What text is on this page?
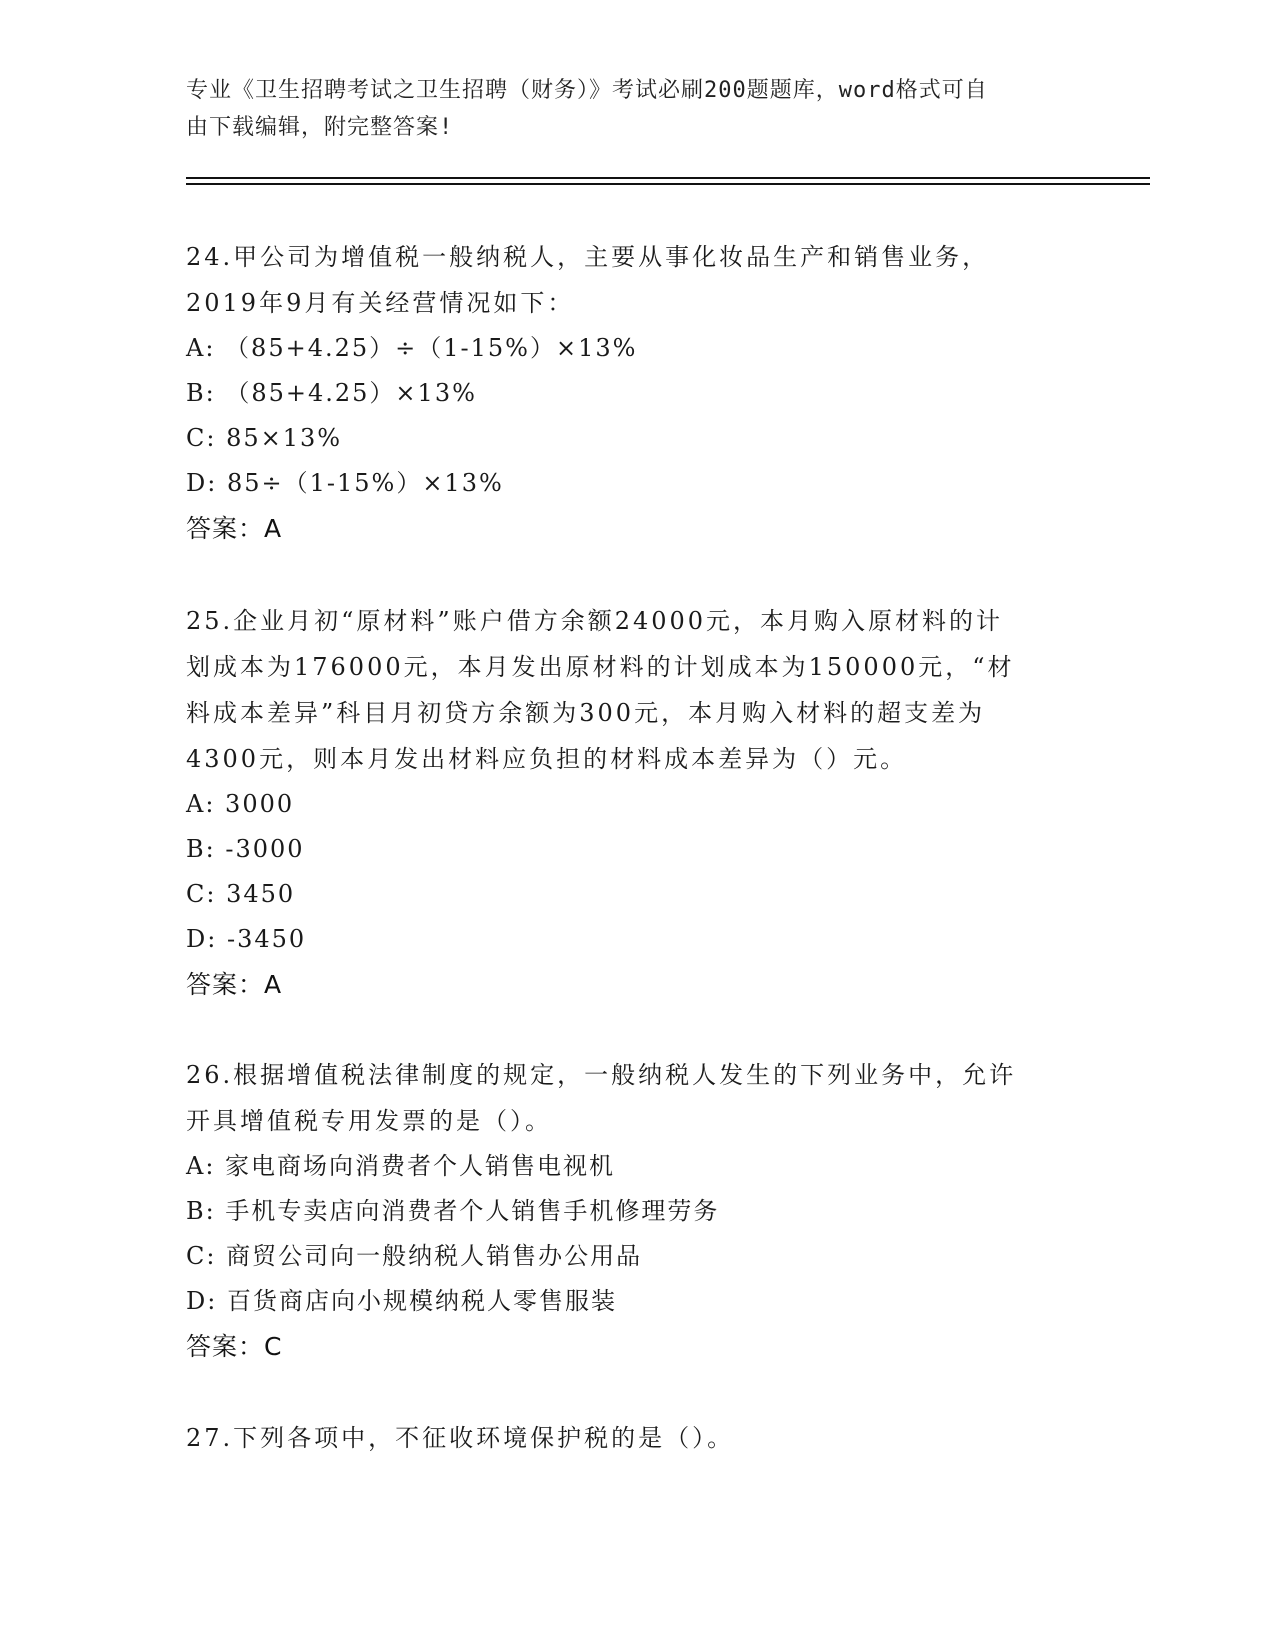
专业《卫生招聘考试之卫生招聘（财务）》考试必刷200题题库，word格式可自
由下载编辑，附完整答案!

24.甲公司为增值税一般纳税人，主要从事化妆品生产和销售业务，

2019年9月有关经营情况如下：

A: （85+4.25）÷（1-15%）×13%

B: （85+4.25）×13%

C: 85×13%

D: 85÷（1-15%）×13%

答案：A

25.企业月初“原材料”账户借方余额24000元，本月购入原材料的计

划成本为176000元，本月发出原材料的计划成本为150000元，“材

料成本差异”科目月初贷方余额为300元，本月购入材料的超支差为

4300元，则本月发出材料应负担的材料成本差异为（）元。

A: 3000

B: -3000

C: 3450

D: -3450

答案：A

26.根据增值税法律制度的规定，一般纳税人发生的下列业务中，允许

开具增值税专用发票的是（）。

A: 家电商场向消费者个人销售电视机

B: 手机专卖店向消费者个人销售手机修理劳务

C: 商贸公司向一般纳税人销售办公用品

D: 百货商店向小规模纳税人零售服装

答案：C

27.下列各项中，不征收环境保护税的是（）。
